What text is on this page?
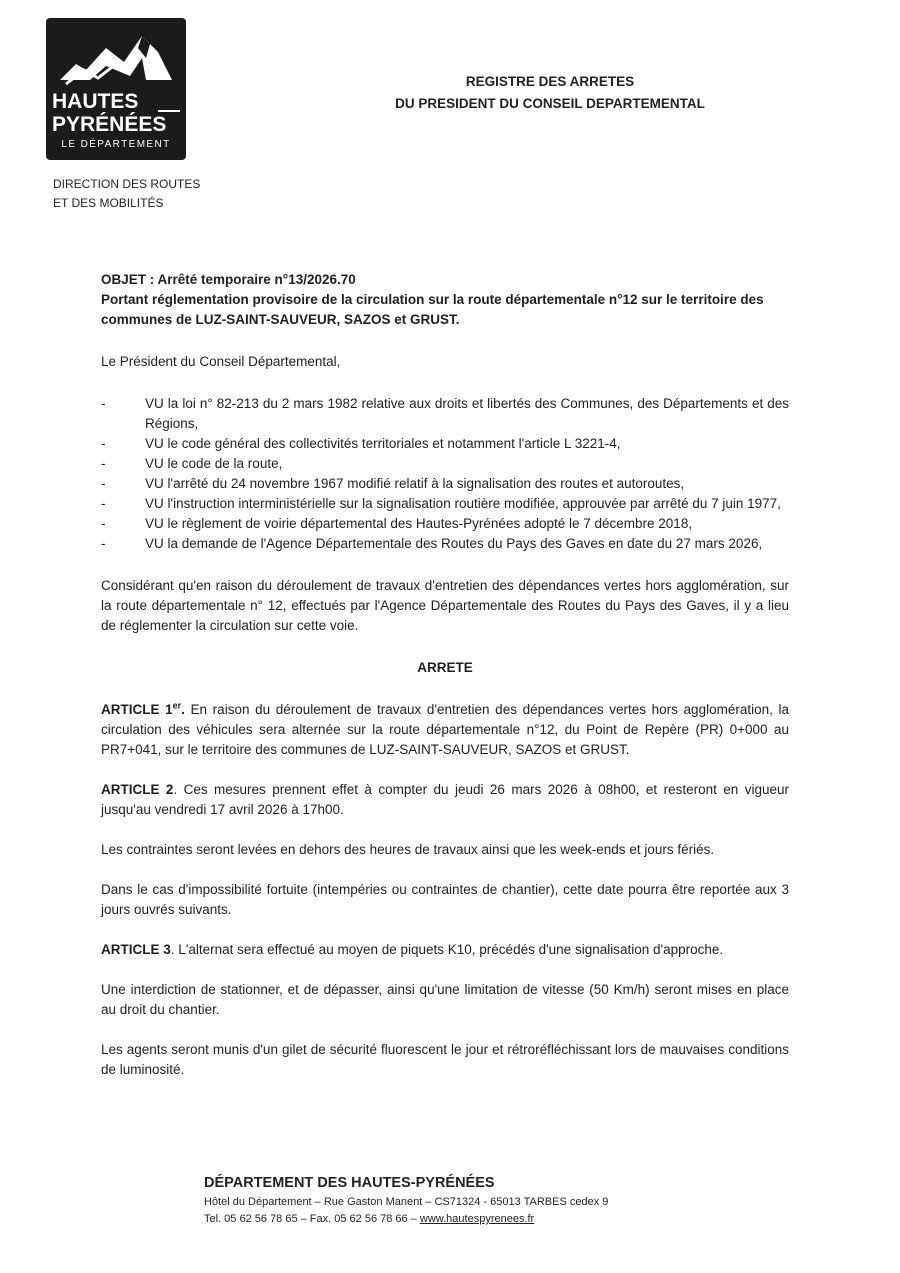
HAUTES
PYRÉNÉES
LE DÉPARTEMENT
DIRECTION DES ROUTES
ET DES MOBILITÉS
REGISTRE DES ARRETES
DU PRESIDENT DU CONSEIL DEPARTEMENTAL
OBJET : Arrêté temporaire n°13/2026.70
Portant réglementation provisoire de la circulation sur la route départementale n°12 sur le territoire des communes de LUZ-SAINT-SAUVEUR, SAZOS et GRUST.

Le Président du Conseil Départemental,

-	VU la loi n° 82-213 du 2 mars 1982 relative aux droits et libertés des Communes, des Départements et des Régions,
-	VU le code général des collectivités territoriales et notamment l'article L 3221-4,
-	VU le code de la route,
-	VU l'arrêté du 24 novembre 1967 modifié relatif à la signalisation des routes et autoroutes,
-	VU l'instruction interministérielle sur la signalisation routière modifiée, approuvée par arrêté du 7 juin 1977,
-	VU le règlement de voirie départemental des Hautes-Pyrénées adopté le 7 décembre 2018,
-	VU la demande de l'Agence Départementale des Routes du Pays des Gaves en date du 27 mars 2026,

Considérant qu'en raison du déroulement de travaux d'entretien des dépendances vertes hors agglomération, sur la route départementale n° 12, effectués par l'Agence Départementale des Routes du Pays des Gaves, il y a lieu de réglementer la circulation sur cette voie.

ARRETE

ARTICLE 1er. En raison du déroulement de travaux d'entretien des dépendances vertes hors agglomération, la circulation des véhicules sera alternée sur la route départementale n°12, du Point de Repère (PR) 0+000 au PR7+041, sur le territoire des communes de LUZ-SAINT-SAUVEUR, SAZOS et GRUST.

ARTICLE 2. Ces mesures prennent effet à compter du jeudi 26 mars 2026 à 08h00, et resteront en vigueur jusqu'au vendredi 17 avril 2026 à 17h00.

Les contraintes seront levées en dehors des heures de travaux ainsi que les week-ends et jours fériés.

Dans le cas d'impossibilité fortuite (intempéries ou contraintes de chantier), cette date pourra être reportée aux 3 jours ouvrés suivants.

ARTICLE 3. L'alternat sera effectué au moyen de piquets K10, précédés d'une signalisation d'approche.

Une interdiction de stationner, et de dépasser, ainsi qu'une limitation de vitesse (50 Km/h) seront mises en place au droit du chantier.

Les agents seront munis d'un gilet de sécurité fluorescent le jour et rétroréfléchissant lors de mauvaises conditions de luminosité.

DÉPARTEMENT DES HAUTES-PYRÉNÉES
Hôtel du Département – Rue Gaston Manent – CS71324 - 65013 TARBES cedex 9
Tel. 05 62 56 78 65 – Fax. 05 62 56 78 66 – www.hautespyrenees.fr
